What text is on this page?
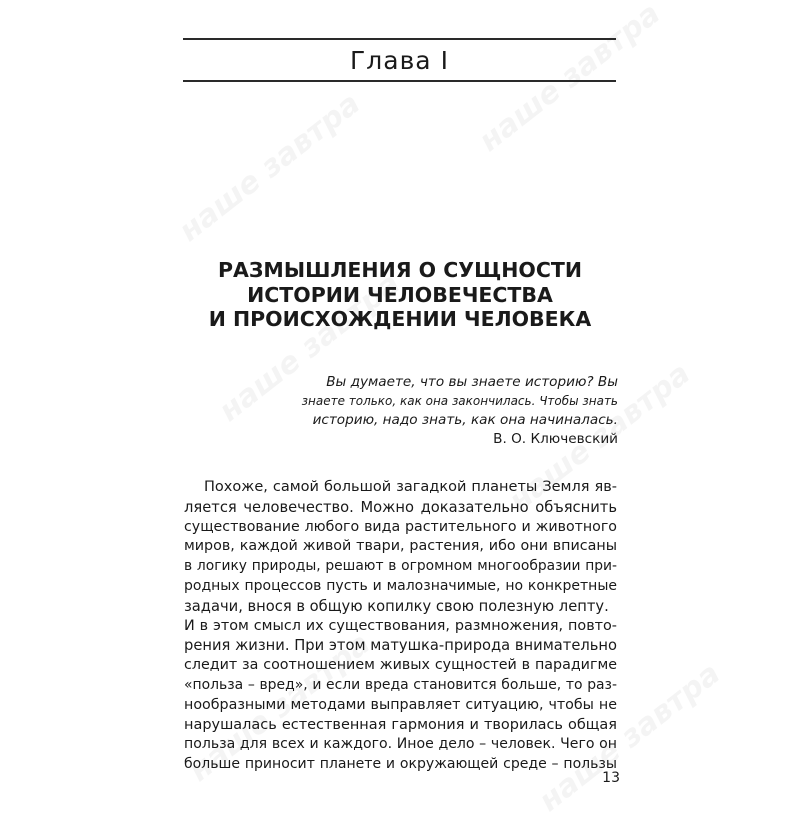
Глава I
РАЗМЫШЛЕНИЯ О СУЩНОСТИ
ИСТОРИИ ЧЕЛОВЕЧЕСТВА
И ПРОИСХОЖДЕНИИ ЧЕЛОВЕКА
Вы думаете, что вы знаете историю? Вы
знаете только, как она закончилась. Чтобы знать
историю, надо знать, как она начиналась.
В. О. Ключевский
Похоже, самой большой загадкой планеты Земля яв-
ляется человечество. Можно доказательно объяснить
существование любого вида растительного и животного
миров, каждой живой твари, растения, ибо они вписаны
в логику природы, решают в огромном многообразии при-
родных процессов пусть и малозначимые, но конкретные
задачи, внося в общую копилку свою полезную лепту.
И в этом смысл их существования, размножения, повто-
рения жизни. При этом матушка-природа внимательно
следит за соотношением живых сущностей в парадигме
«польза – вред», и если вреда становится больше, то раз-
нообразными методами выправляет ситуацию, чтобы не
нарушалась естественная гармония и творилась общая
польза для всех и каждого. Иное дело – человек. Чего он
больше приносит планете и окружающей среде – пользы
13
